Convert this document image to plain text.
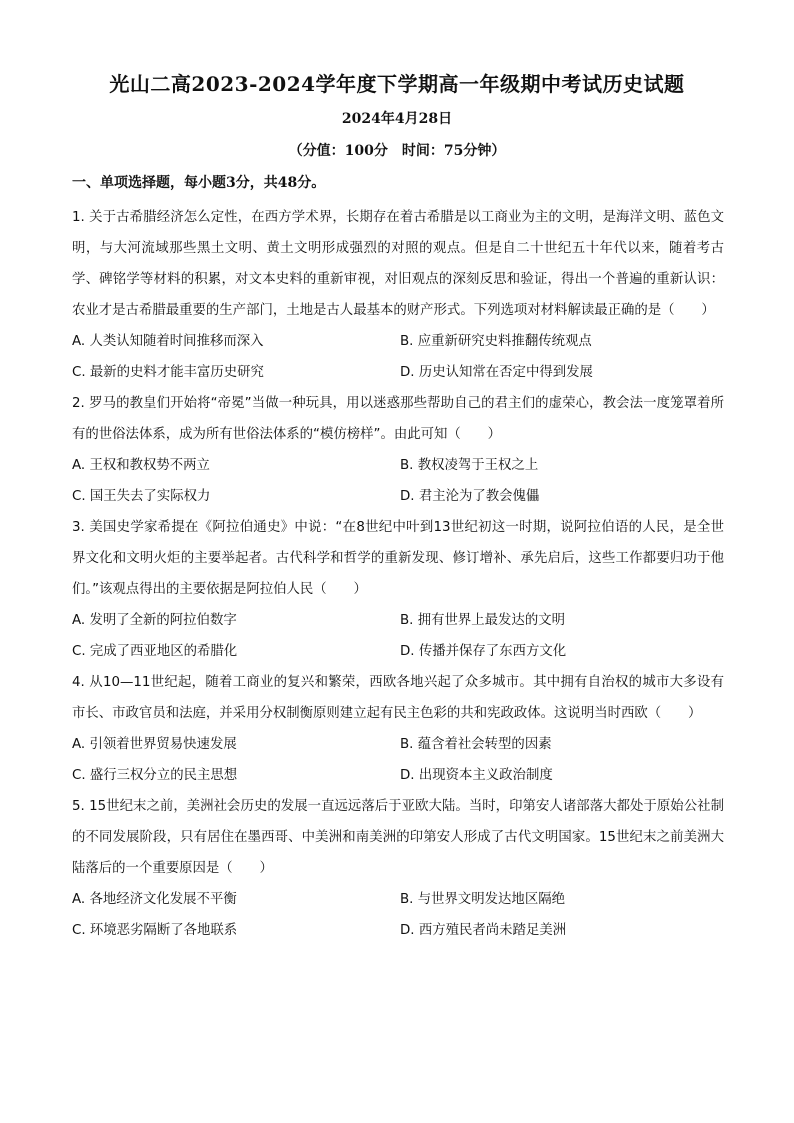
光山二高2023-2024学年度下学期高一年级期中考试历史试题
2024年4月28日
（分值：100分　时间：75分钟）
一、单项选择题，每小题3分，共48分。

1. 关于古希腊经济怎么定性，在西方学术界，长期存在着古希腊是以工商业为主的文明，是海洋文明、蓝色文明，与大河流域那些黑土文明、黄土文明形成强烈的对照的观点。但是自二十世纪五十年代以来，随着考古学、碑铭学等材料的积累，对文本史料的重新审视，对旧观点的深刻反思和验证，得出一个普遍的重新认识：农业才是古希腊最重要的生产部门，土地是古人最基本的财产形式。下列选项对材料解读最正确的是（　　）

A. 人类认知随着时间推移而深入	B. 应重新研究史料推翻传统观点
C. 最新的史料才能丰富历史研究	D. 历史认知常在否定中得到发展

2. 罗马的教皇们开始将“帝冕”当做一种玩具，用以迷惑那些帮助自己的君主们的虚荣心，教会法一度笼罩着所有的世俗法体系，成为所有世俗法体系的“模仿榜样”。由此可知（　　）

A. 王权和教权势不两立	B. 教权凌驾于王权之上
C. 国王失去了实际权力	D. 君主沦为了教会傀儡

3. 美国史学家希提在《阿拉伯通史》中说：“在8世纪中叶到13世纪初这一时期，说阿拉伯语的人民，是全世界文化和文明火炬的主要举起者。古代科学和哲学的重新发现、修订增补、承先启后，这些工作都要归功于他们。”该观点得出的主要依据是阿拉伯人民（　　）

A. 发明了全新的阿拉伯数字	B. 拥有世界上最发达的文明
C. 完成了西亚地区的希腊化	D. 传播并保存了东西方文化

4. 从10—11世纪起，随着工商业的复兴和繁荣，西欧各地兴起了众多城市。其中拥有自治权的城市大多设有市长、市政官员和法庭，并采用分权制衡原则建立起有民主色彩的共和宪政政体。这说明当时西欧（　　）

A. 引领着世界贸易快速发展	B. 蕴含着社会转型的因素
C. 盛行三权分立的民主思想	D. 出现资本主义政治制度

5. 15世纪末之前，美洲社会历史的发展一直远远落后于亚欧大陆。当时，印第安人诸部落大都处于原始公社制的不同发展阶段，只有居住在墨西哥、中美洲和南美洲的印第安人形成了古代文明国家。15世纪末之前美洲大陆落后的一个重要原因是（　　）

A. 各地经济文化发展不平衡	B. 与世界文明发达地区隔绝
C. 环境恶劣隔断了各地联系	D. 西方殖民者尚未踏足美洲
